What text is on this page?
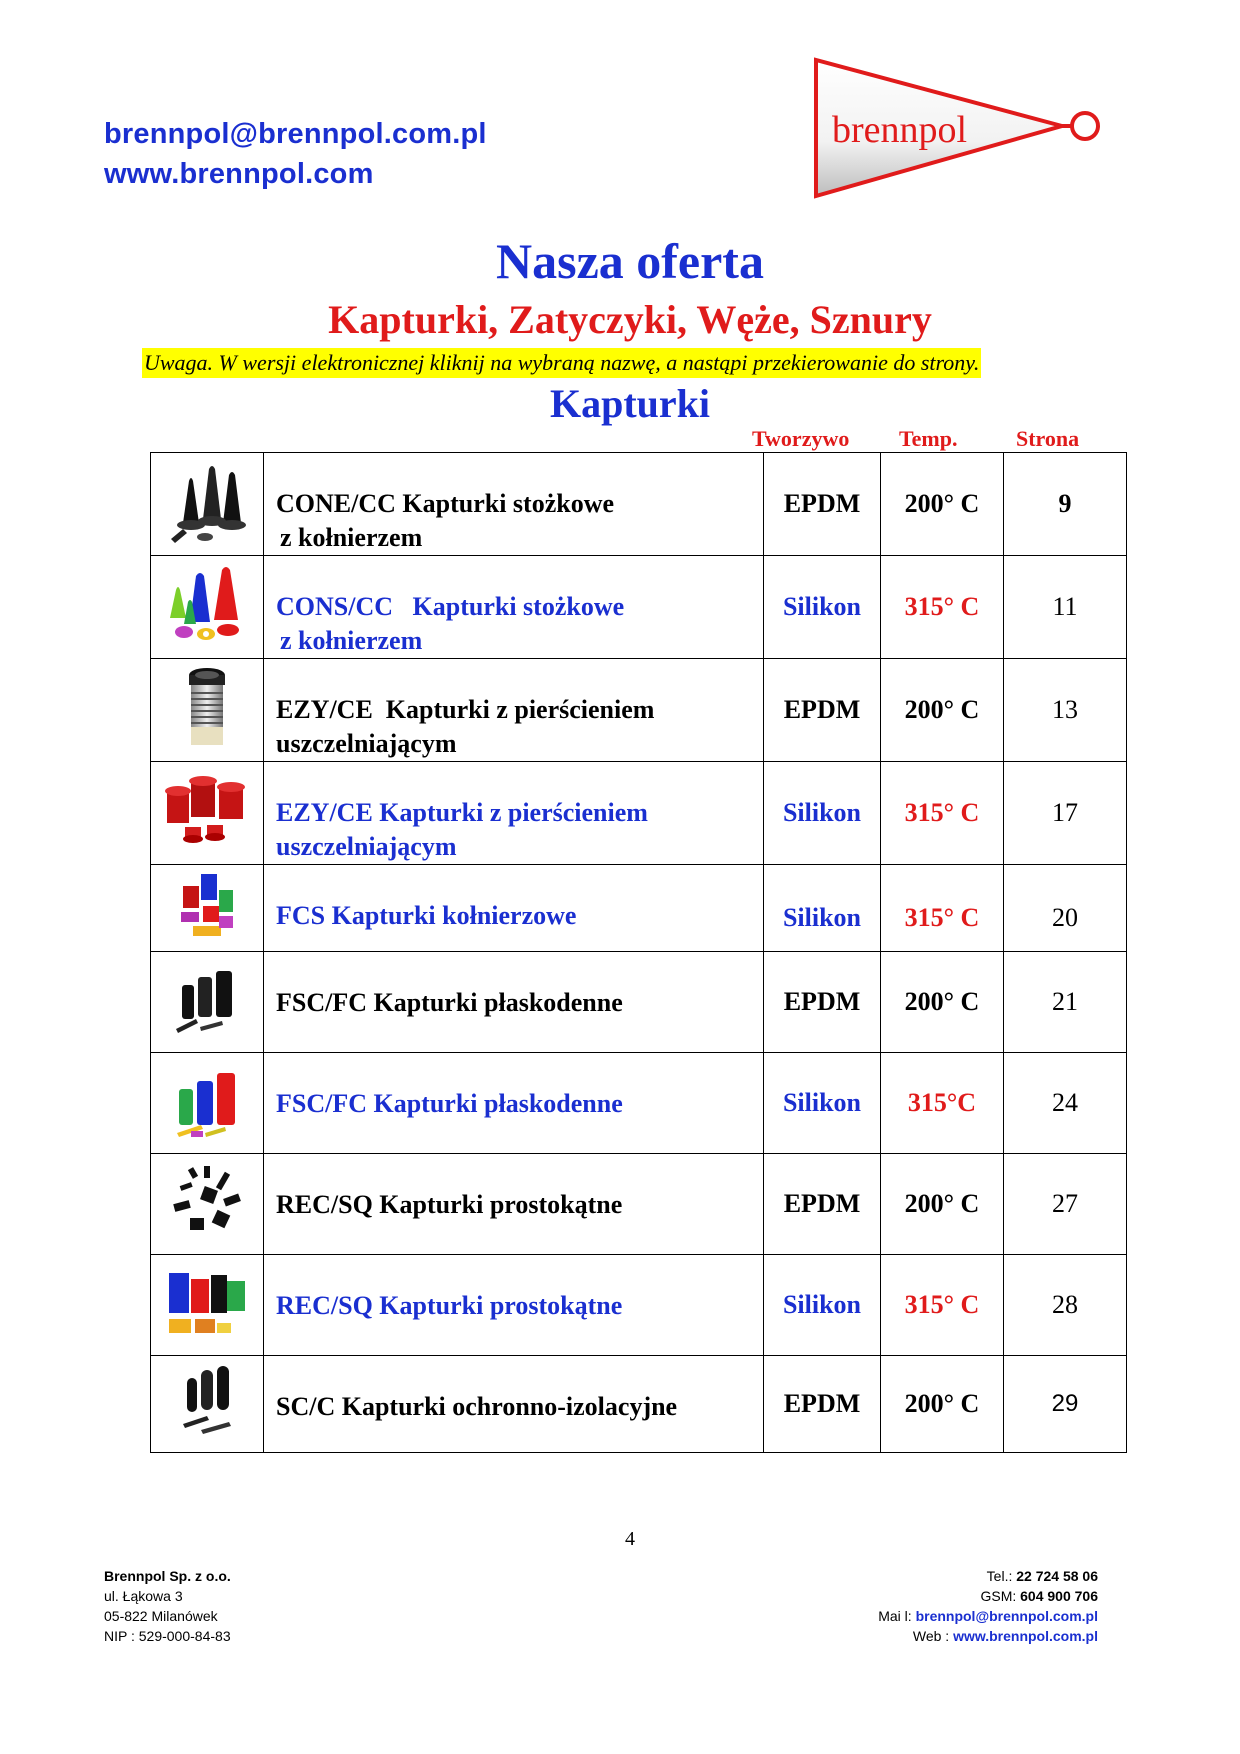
brennpol@brennpol.com.pl
www.brennpol.com
brennpol
Nasza oferta
Kapturki, Zatyczyki, Węże, Sznury
Uwaga. W wersji elektronicznej kliknij na wybraną nazwę, a nastąpi przekierowanie do strony.
Kapturki
Tworzywo Temp.	Strona
	CONE/CC Kapturki stożkowe
z kołnierzem	EPDM	200° C	9
	CONS/CC   Kapturki stożkowe
z kołnierzem	Silikon	315° C	11
	EZY/CE  Kapturki z pierścieniem
uszczelniającym	EPDM	200° C	13
	EZY/CE Kapturki z pierścieniem
uszczelniającym	Silikon	315° C	17
	FCS Kapturki kołnierzowe	Silikon	315° C	20
	FSC/FC Kapturki płaskodenne	EPDM	200° C	21
	FSC/FC Kapturki płaskodenne	Silikon	315°C	24
	REC/SQ Kapturki prostokątne	EPDM	200° C	27
	REC/SQ Kapturki prostokątne	Silikon	315° C	28
	SC/C Kapturki ochronno-izolacyjne	EPDM	200° C	29
4
Brennpol Sp. z o.o.
ul. Łąkowa 3
05-822 Milanówek
NIP : 529-000-84-83
Tel.: 22 724 58 06
GSM: 604 900 706
Mai l: brennpol@brennpol.com.pl
Web : www.brennpol.com.pl
